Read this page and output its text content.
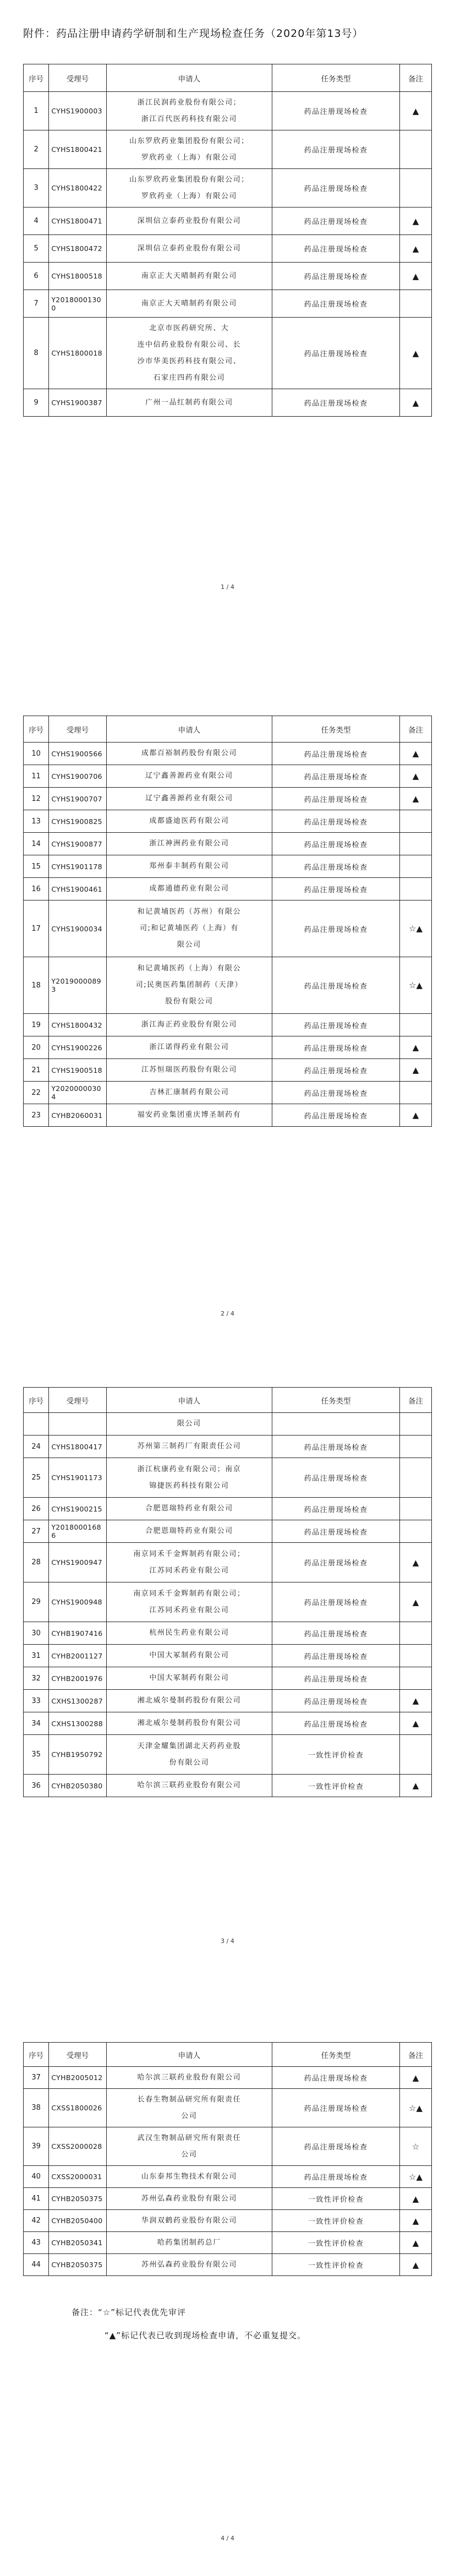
附件：药品注册申请药学研制和生产现场检查任务（2020年第13号）
序号	受理号	申请人	任务类型	备注
1	CYHS1900003	浙江民润药业股份有限公司；
浙江百代医药科技有限公司	药品注册现场检查	▲
2	CYHS1800421	山东罗欣药业集团股份有限公司；
罗欣药业（上海）有限公司	药品注册现场检查	
3	CYHS1800422	山东罗欣药业集团股份有限公司；
罗欣药业（上海）有限公司	药品注册现场检查	
4	CYHS1800471	深圳信立泰药业股份有限公司	药品注册现场检查	▲
5	CYHS1800472	深圳信立泰药业股份有限公司	药品注册现场检查	▲
6	CYHS1800518	南京正大天晴制药有限公司	药品注册现场检查	▲
7	Y20180001300	南京正大天晴制药有限公司	药品注册现场检查	
8	CYHS1800018	北京市医药研究所、大
连中信药业股份有限公司、长
沙市华美医药科技有限公司、
石家庄四药有限公司	药品注册现场检查	▲
9	CYHS1900387	广州一品红制药有限公司	药品注册现场检查	▲
1 / 4
序号	受理号	申请人	任务类型	备注
10	CYHS1900566	成都百裕制药股份有限公司	药品注册现场检查	▲
11	CYHS1900706	辽宁鑫善源药业有限公司	药品注册现场检查	▲
12	CYHS1900707	辽宁鑫善源药业有限公司	药品注册现场检查	▲
13	CYHS1900825	成都盛迪医药有限公司	药品注册现场检查	
14	CYHS1900877	浙江神洲药业有限公司	药品注册现场检查	
15	CYHS1901178	郑州泰丰制药有限公司	药品注册现场检查	
16	CYHS1900461	成都通德药业有限公司	药品注册现场检查	
17	CYHS1900034	和记黄埔医药（苏州）有限公
司;和记黄埔医药（上海）有
限公司	药品注册现场检查	☆▲
18	Y20190000893	和记黄埔医药（上海）有限公
司;民奥医药集团制药（天津）
股份有限公司	药品注册现场检查	☆▲
19	CYHS1800432	浙江海正药业股份有限公司	药品注册现场检查	
20	CYHS1900226	浙江诺得药业有限公司	药品注册现场检查	▲
21	CYHS1900518	江苏恒瑞医药股份有限公司	药品注册现场检查	▲
22	Y20200000304	吉林汇康制药有限公司	药品注册现场检查	
23	CYHB2060031	福安药业集团重庆博圣制药有	药品注册现场检查	▲
2 / 4
序号	受理号	申请人	任务类型	备注

		限公司		

24	CYHS1800417	苏州第三制药厂有限责任公司	药品注册现场检查	
25	CYHS1901173	浙江杭康药业有限公司；南京
锦捷医药科技有限公司	药品注册现场检查	
26	CYHS1900215	合肥恩瑞特药业有限公司	药品注册现场检查	
27	Y20180001686	合肥恩瑞特药业有限公司	药品注册现场检查	
28	CYHS1900947	南京同禾千金辉制药有限公司；
江苏同禾药业有限公司	药品注册现场检查	▲
29	CYHS1900948	南京同禾千金辉制药有限公司；
江苏同禾药业有限公司	药品注册现场检查	▲
30	CYHB1907416	杭州民生药业有限公司	药品注册现场检查	
31	CYHB2001127	中国大冢制药有限公司	药品注册现场检查	
32	CYHB2001976	中国大冢制药有限公司	药品注册现场检查	
33	CXHS1300287	湘北威尔曼制药股份有限公司	药品注册现场检查	▲
34	CXHS1300288	湘北威尔曼制药股份有限公司	药品注册现场检查	▲
35	CYHB1950792	天津金耀集团湖北天药药业股
份有限公司	一致性评价检查	
36	CYHB2050380	哈尔滨三联药业股份有限公司	一致性评价检查	▲
3 / 4
序号	受理号	申请人	任务类型	备注
37	CYHB2005012	哈尔滨三联药业股份有限公司	药品注册现场检查	▲
38	CXSS1800026	长春生物制品研究所有限责任
公司	药品注册现场检查	☆▲
39	CXSS2000028	武汉生物制品研究所有限责任
公司	药品注册现场检查	☆
40	CXSS2000031	山东泰邦生物技术有限公司	药品注册现场检查	☆▲
41	CYHB2050375	苏州弘森药业股份有限公司	一致性评价检查	▲
42	CYHB2050400	华润双鹤药业股份有限公司	一致性评价检查	▲
43	CYHB2050341	哈药集团制药总厂	一致性评价检查	▲
44	CYHB2050375	苏州弘森药业股份有限公司	一致性评价检查	▲
4 / 4
备注：“☆”标记代表优先审评
“▲”标记代表已收到现场检查申请，不必重复提交。
